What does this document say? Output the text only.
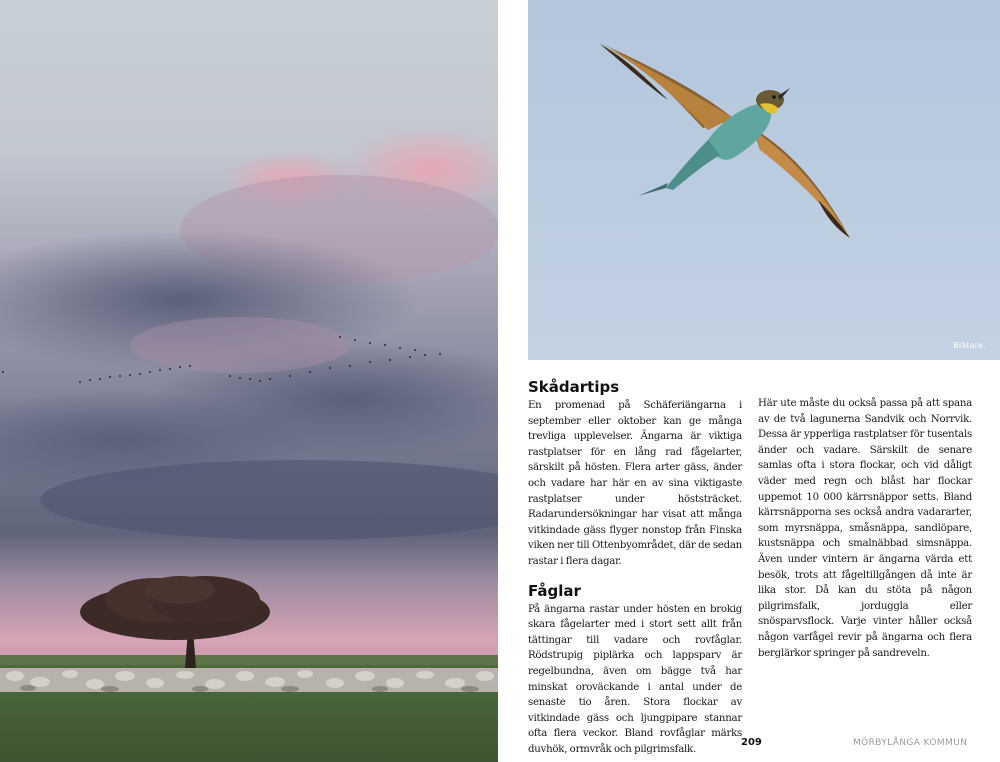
Biätare.
Skådartips

En promenad på Schäferiängarna i september eller oktober kan ge många trevliga upplevelser. Ängarna är viktiga rastplatser för en lång rad fågelarter, särskilt på hösten. Flera arter gäss, änder och vadare har här en av sina viktigaste rastplatser under höststräcket. Radarundersökningar har visat att många vitkindade gäss flyger nonstop från Finska viken ner till Ottenbyområdet, där de sedan rastar i flera dagar.

Fåglar

På ängarna rastar under hösten en brokig skara fågelarter med i stort sett allt från tättingar till vadare och rovfåglar. Rödstrupig piplärka och lappsparv är regelbundna, även om bägge två har minskat oroväckande i antal under de senaste tio åren. Stora flockar av vitkindade gäss och ljungpipare stannar ofta flera veckor. Bland rovfåglar märks duvhök, ormvråk och pilgrimsfalk.

Här ute måste du också passa på att spana av de två lagunerna Sandvik och Norrvik. Dessa är ypperliga rastplatser för tusentals änder och vadare. Särskilt de senare samlas ofta i stora flockar, och vid dåligt väder med regn och blåst har flockar uppemot 10 000 kärrsnäppor setts. Bland kärrsnäpporna ses också andra vadararter, som myrsnäppa, småsnäppa, sandlöpare, kustsnäppa och smalnäbbad simsnäppa. Även under vintern är ängarna värda ett besök, trots att fågeltillgången då inte är lika stor. Då kan du stöta på någon pilgrimsfalk, jorduggla eller snösparvsflock. Varje vinter håller också någon varfågel revir på ängarna och flera berglärkor springer på sandreveln.

209	MÖRBYLÅNGA KOMMUN
